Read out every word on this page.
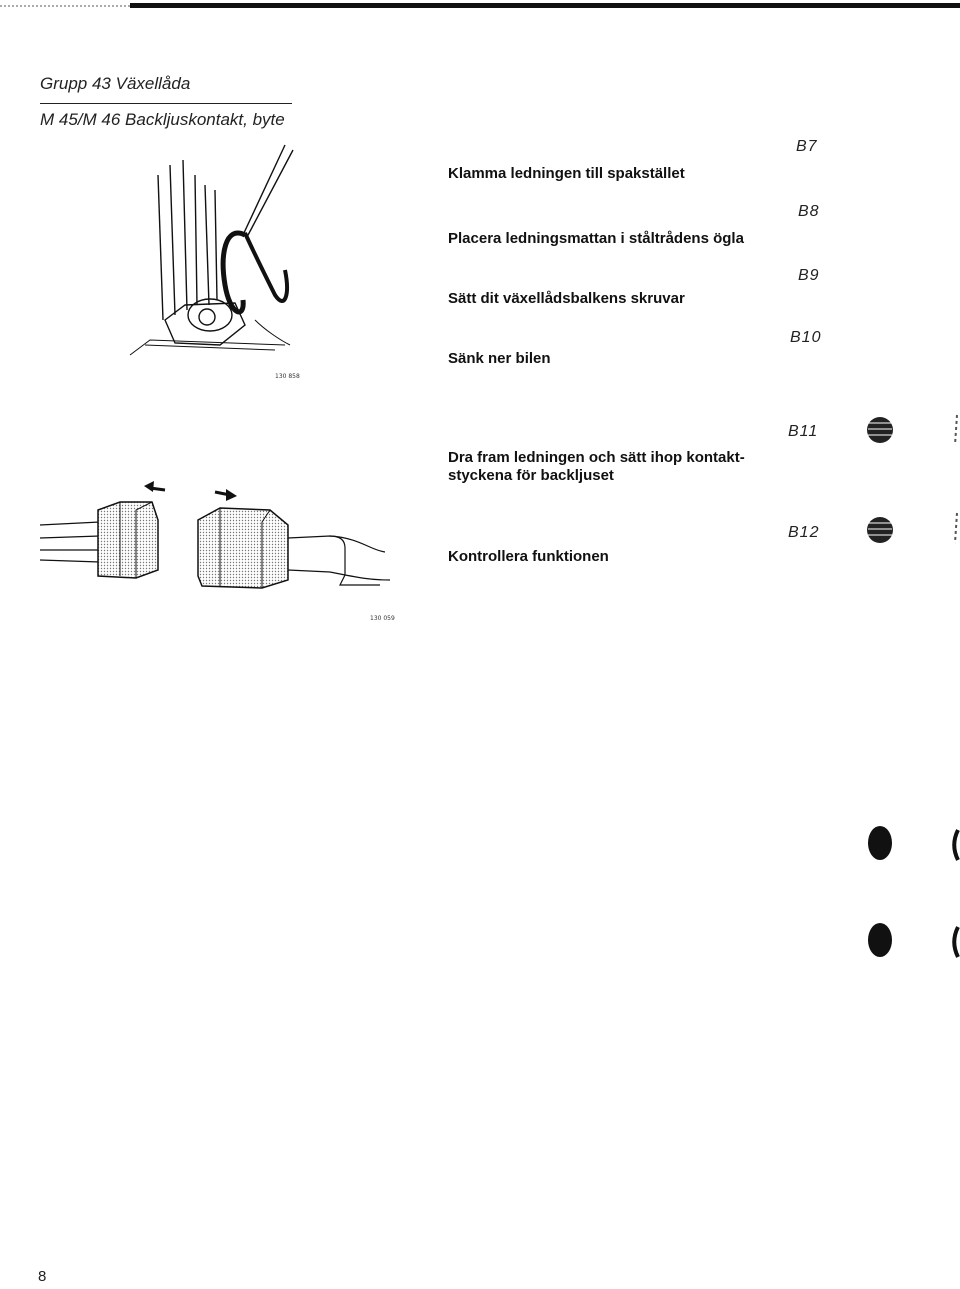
Grupp 43 Växellåda
M 45/M 46 Backljuskontakt, byte
130 858
B7
Klamma ledningen till spakstället
B8
Placera ledningsmattan i ståltrådens ögla
B9
Sätt dit växellådsbalkens skruvar
B10
Sänk ner bilen
130 059
B11
Dra fram ledningen och sätt ihop kontakt-
styckena för backljuset
B12
Kontrollera funktionen
8
